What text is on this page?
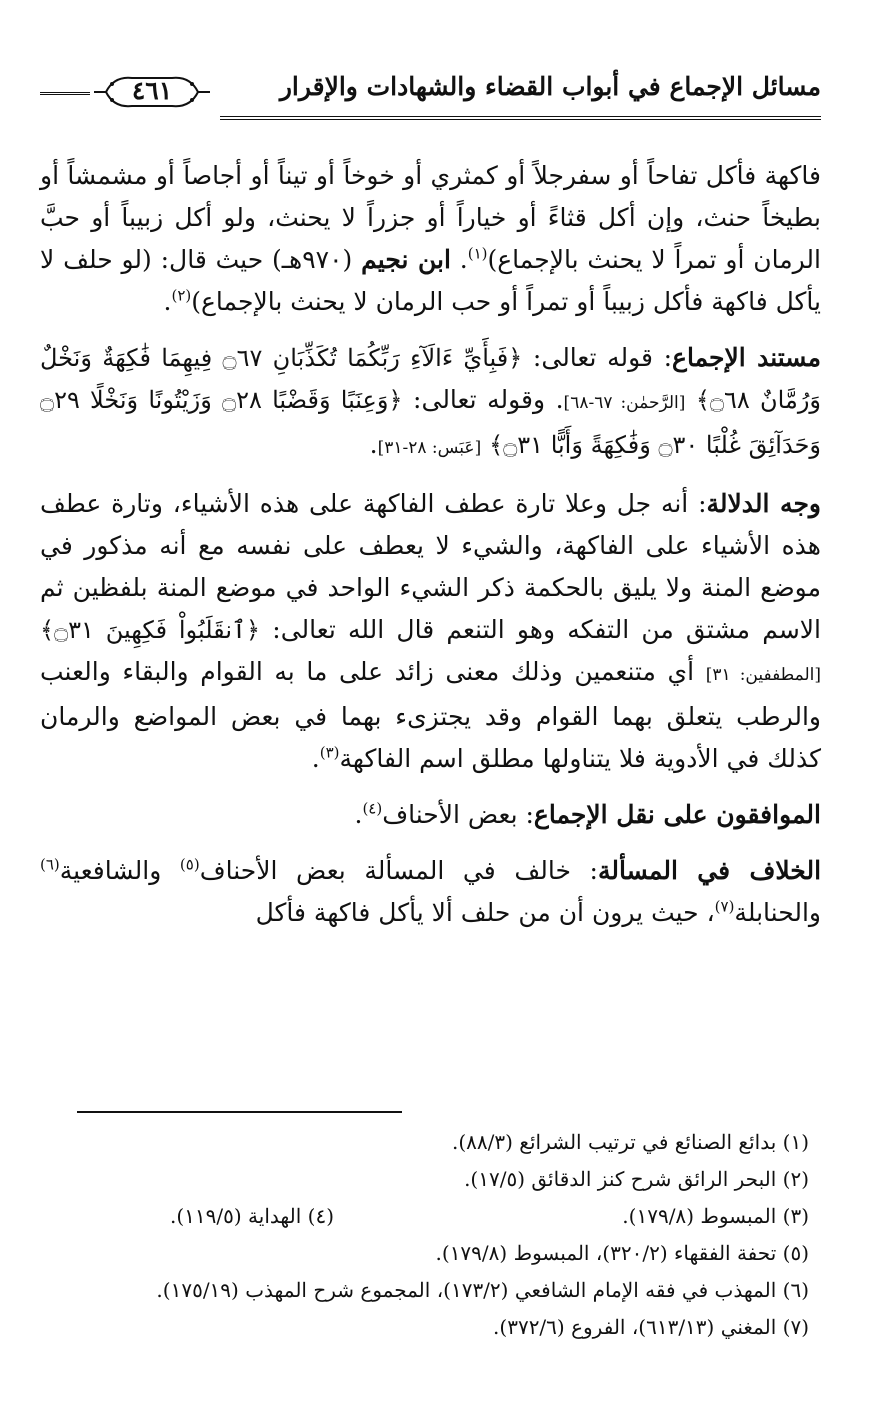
مسائل الإجماع في أبواب القضاء والشهادات والإقرار
٤٦١

فاكهة فأكل تفاحاً أو سفرجلاً أو كمثري أو خوخاً أو تيناً أو أجاصاً أو مشمشاً أو بطيخاً حنث، وإن أكل قثاءً أو خياراً أو جزراً لا يحنث، ولو أكل زبيباً أو حبَّ الرمان أو تمراً لا يحنث بالإجماع)$^{(١)}$. ابن نجيم (٩٧٠هـ) حيث قال: (لو حلف لا يأكل فاكهة فأكل زبيباً أو تمراً أو حب الرمان لا يحنث بالإجماع)$^{(٢)}$.

مستند الإجماع: قوله تعالى: ﴿فَبِأَيِّ ءَالَآءِ رَبِّكُمَا تُكَذِّبَانِ ۝٦٧ فِيهِمَا فَٰكِهَةٌ وَنَخْلٌ وَرُمَّانٌ ۝٦٨﴾ [الرَّحمٰن: ٦٧-٦٨]. وقوله تعالى: ﴿وَعِنَبًا وَقَضْبًا ۝٢٨ وَزَيْتُونًا وَنَخْلًا ۝٢٩ وَحَدَآئِقَ غُلْبًا ۝٣٠ وَفَٰكِهَةً وَأَبًّا ۝٣١﴾ [عَبَس: ٢٨-٣١].

وجه الدلالة: أنه جل وعلا تارة عطف الفاكهة على هذه الأشياء، وتارة عطف هذه الأشياء على الفاكهة، والشيء لا يعطف على نفسه مع أنه مذكور في موضع المنة ولا يليق بالحكمة ذكر الشيء الواحد في موضع المنة بلفظين ثم الاسم مشتق من التفكه وهو التنعم قال الله تعالى: ﴿ٱنقَلَبُواْ فَكِهِينَ ۝٣١﴾ [المطففين: ٣١] أي متنعمين وذلك معنى زائد على ما به القوام والبقاء والعنب والرطب يتعلق بهما القوام وقد يجتزىء بهما في بعض المواضع والرمان كذلك في الأدوية فلا يتناولها مطلق اسم الفاكهة$^{(٣)}$.

الموافقون على نقل الإجماع: بعض الأحناف$^{(٤)}$.

الخلاف في المسألة: خالف في المسألة بعض الأحناف$^{(٥)}$ والشافعية$^{(٦)}$ والحنابلة$^{(٧)}$، حيث يرون أن من حلف ألا يأكل فاكهة فأكل

(١) بدائع الصنائع في ترتيب الشرائع (٨٨/٣).
(٢) البحر الرائق شرح كنز الدقائق (١٧/٥).
(٣) المبسوط (١٧٩/٨).
(٤) الهداية (١١٩/٥).
(٥) تحفة الفقهاء (٣٢٠/٢)، المبسوط (١٧٩/٨).
(٦) المهذب في فقه الإمام الشافعي (١٧٣/٢)، المجموع شرح المهذب (١٧٥/١٩).
(٧) المغني (٦١٣/١٣)، الفروع (٣٧٢/٦).
